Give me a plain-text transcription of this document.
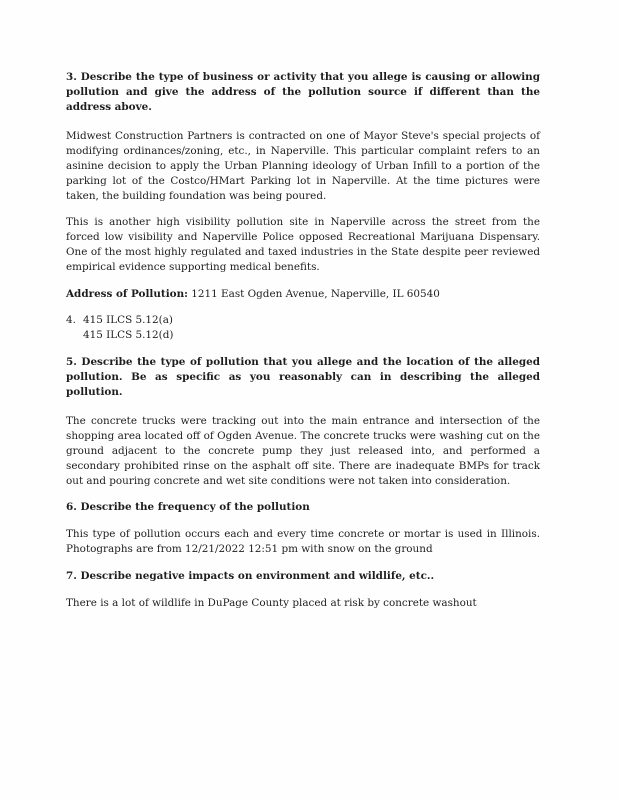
3. Describe the type of business or activity that you allege is causing or allowing pollution and give the address of the pollution source if different than the address above.

Midwest Construction Partners is contracted on one of Mayor Steve's special projects of modifying ordinances/zoning, etc., in Naperville. This particular complaint refers to an asinine decision to apply the Urban Planning ideology of Urban Infill to a portion of the parking lot of the Costco/HMart Parking lot in Naperville. At the time pictures were taken, the building foundation was being poured.

This is another high visibility pollution site in Naperville across the street from the forced low visibility and Naperville Police opposed Recreational Marijuana Dispensary. One of the most highly regulated and taxed industries in the State despite peer reviewed empirical evidence supporting medical benefits.

Address of Pollution: 1211 East Ogden Avenue, Naperville, IL 60540

4. 415 ILCS 5.12(a)
415 ILCS 5.12(d)

5. Describe the type of pollution that you allege and the location of the alleged pollution. Be as specific as you reasonably can in describing the alleged pollution.

The concrete trucks were tracking out into the main entrance and intersection of the shopping area located off of Ogden Avenue. The concrete trucks were washing cut on the ground adjacent to the concrete pump they just released into, and performed a secondary prohibited rinse on the asphalt off site. There are inadequate BMPs for track out and pouring concrete and wet site conditions were not taken into consideration.

6. Describe the frequency of the pollution

This type of pollution occurs each and every time concrete or mortar is used in Illinois. Photographs are from 12/21/2022 12:51 pm with snow on the ground

7. Describe negative impacts on environment and wildlife, etc..

There is a lot of wildlife in DuPage County placed at risk by concrete washout
